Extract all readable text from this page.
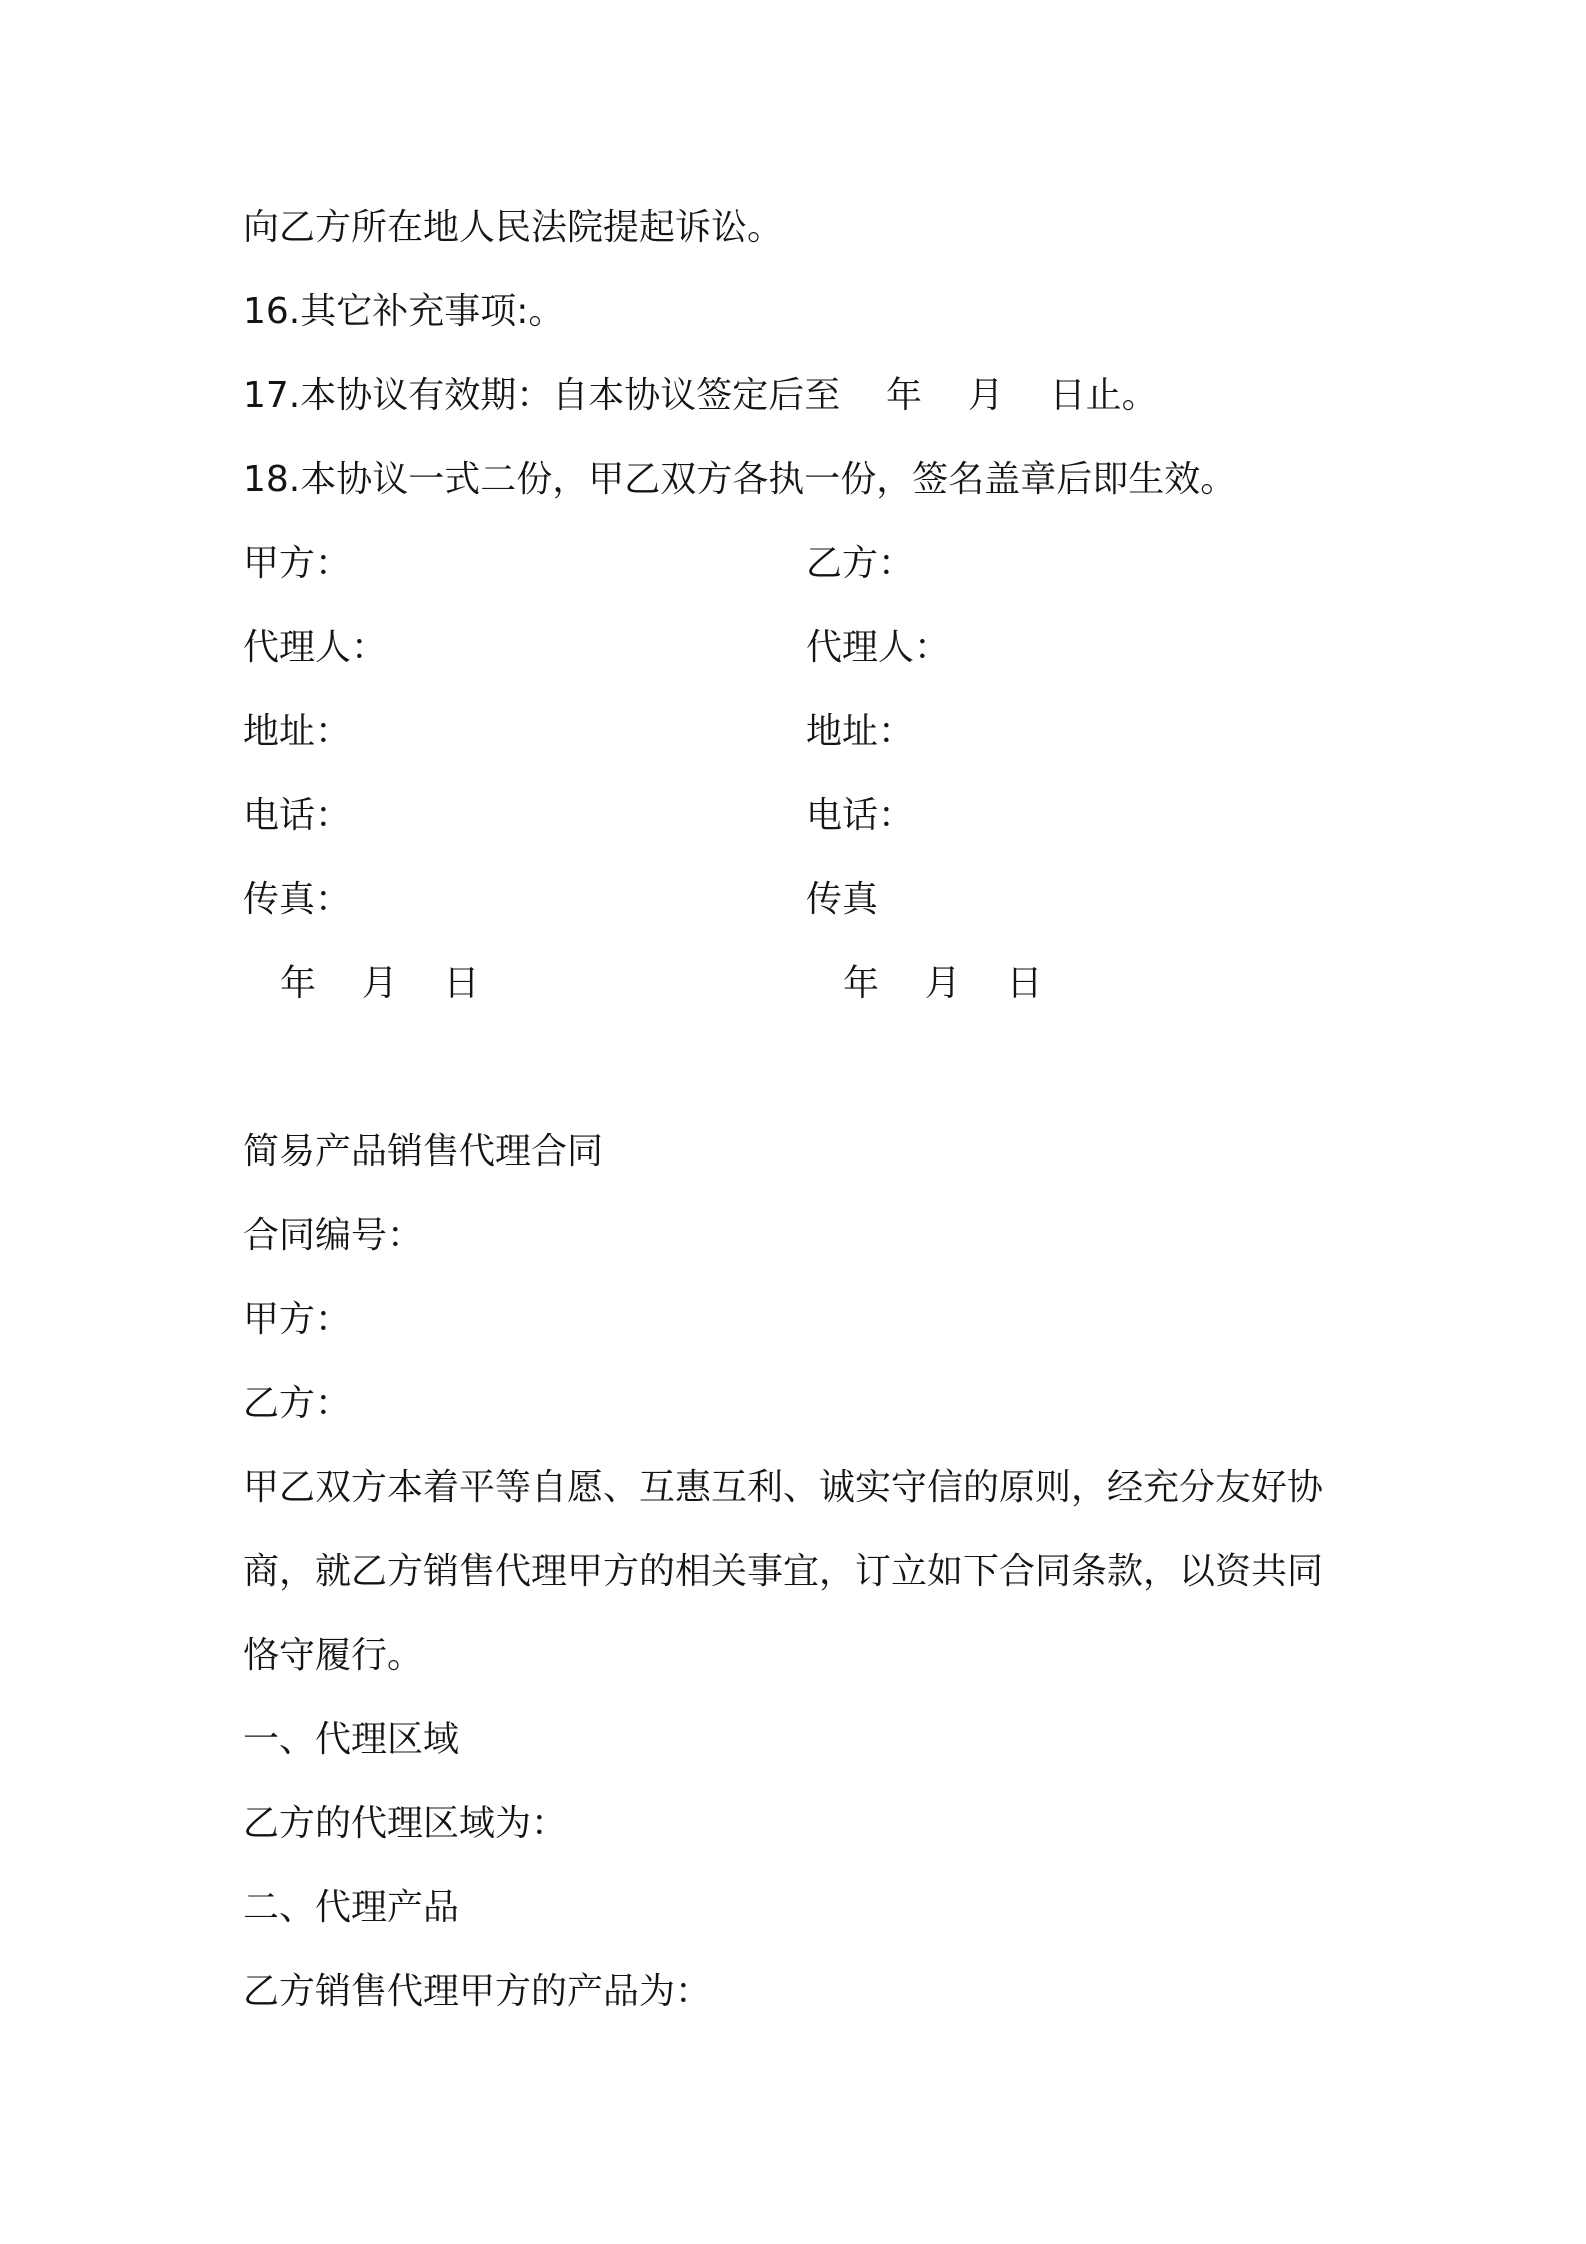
向乙方所在地人民法院提起诉讼。
16.其它补充事项:。
17.本协议有效期：自本协议签定后至    年    月    日止。
18.本协议一式二份，甲乙双方各执一份，签名盖章后即生效。
甲方：	乙方：
代理人：	代理人：
地址：	地址：
电话：	电话：
传真：	传真
年    月    日	年    月    日
简易产品销售代理合同
合同编号：
甲方：
乙方：
甲乙双方本着平等自愿、互惠互利、诚实守信的原则，经充分友好协
商，就乙方销售代理甲方的相关事宜，订立如下合同条款，以资共同
恪守履行。
一、代理区域
乙方的代理区域为：
二、代理产品
乙方销售代理甲方的产品为：
